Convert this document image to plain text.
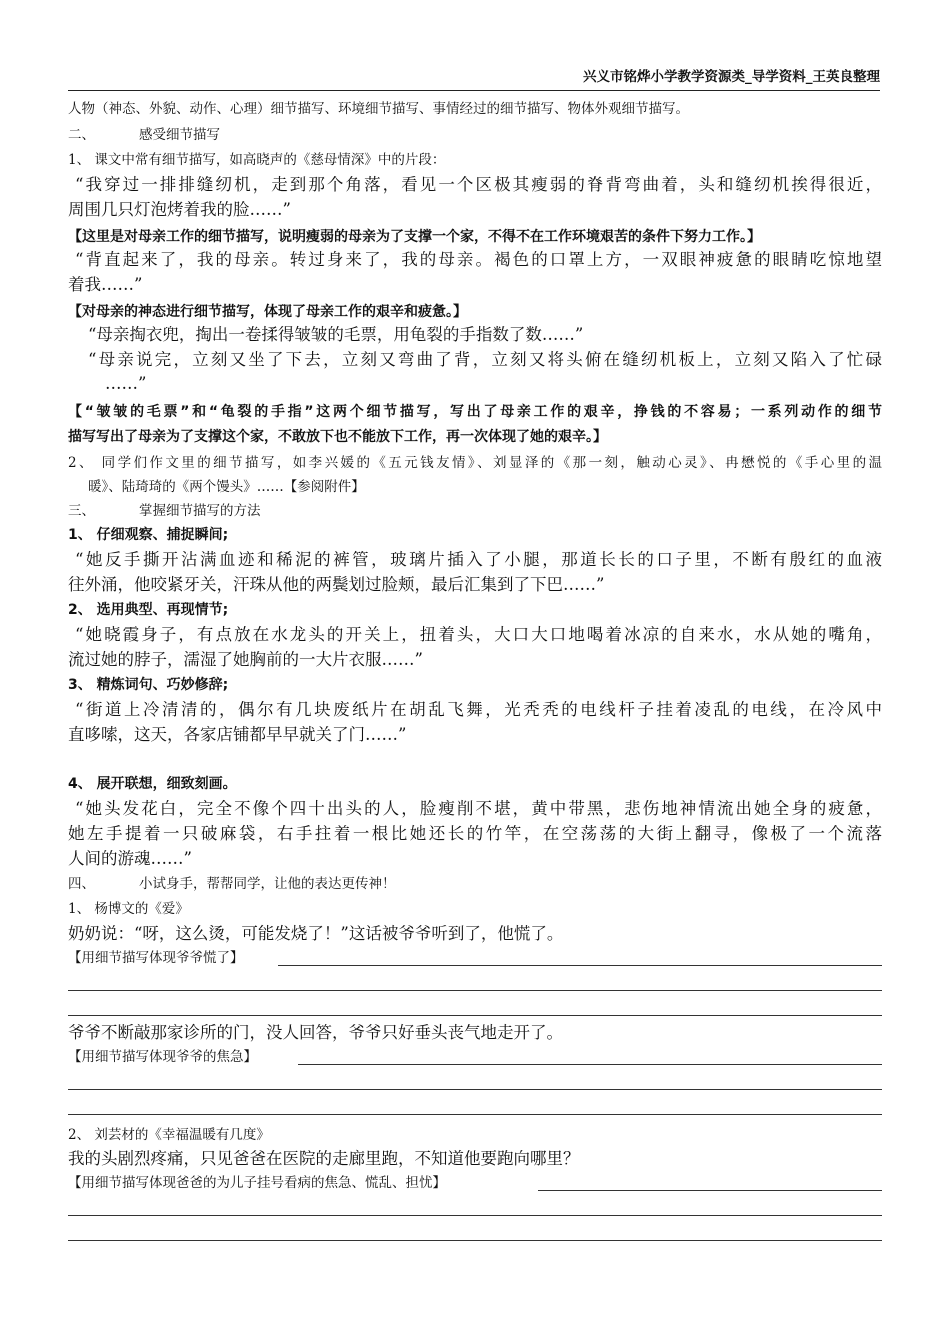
兴义市铭烨小学教学资源类_导学资料_王英良整理
人物（神态、外貌、动作、心理）细节描写、环境细节描写、事情经过的细节描写、物体外观细节描写。
二、	感受细节描写
1、 课文中常有细节描写，如高晓声的《慈母情深》中的片段：
“我穿过一排排缝纫机，走到那个角落，看见一个区极其瘦弱的脊背弯曲着，头和缝纫机挨得很近，
周围几只灯泡烤着我的脸……”
【这里是对母亲工作的细节描写，说明瘦弱的母亲为了支撑一个家，不得不在工作环境艰苦的条件下努力工作。】
“背直起来了，我的母亲。转过身来了，我的母亲。褐色的口罩上方，一双眼神疲惫的眼睛吃惊地望
着我……”
【对母亲的神态进行细节描写，体现了母亲工作的艰辛和疲惫。】
“母亲掏衣兜，掏出一卷揉得皱皱的毛票，用龟裂的手指数了数……”
“母亲说完，立刻又坐了下去，立刻又弯曲了背，立刻又将头俯在缝纫机板上，立刻又陷入了忙碌
……”
【“皱皱的毛票”和“龟裂的手指”这两个细节描写，写出了母亲工作的艰辛，挣钱的不容易；一系列动作的细节
描写写出了母亲为了支撑这个家，不敢放下也不能放下工作，再一次体现了她的艰辛。】
2、 同学们作文里的细节描写，如李兴媛的《五元钱友情》、刘显泽的《那一刻，触动心灵》、冉懋悦的《手心里的温
暖》、陆琦琦的《两个馒头》……【参阅附件】
三、	掌握细节描写的方法
1、 仔细观察、捕捉瞬间;
“她反手撕开沾满血迹和稀泥的裤管，玻璃片插入了小腿，那道长长的口子里，不断有殷红的血液
往外涌，他咬紧牙关，汗珠从他的两鬓划过脸颊，最后汇集到了下巴……”
2、 选用典型、再现情节;
“她晓霞身子，有点放在水龙头的开关上，扭着头，大口大口地喝着冰凉的自来水，水从她的嘴角，
流过她的脖子，濡湿了她胸前的一大片衣服……”
3、 精炼词句、巧妙修辞;
“街道上冷清清的，偶尔有几块废纸片在胡乱飞舞，光秃秃的电线杆子挂着凌乱的电线，在冷风中
直哆嗦，这天，各家店铺都早早就关了门……”
4、 展开联想，细致刻画。
“她头发花白，完全不像个四十出头的人，脸瘦削不堪，黄中带黑，悲伤地神情流出她全身的疲惫，
她左手提着一只破麻袋，右手拄着一根比她还长的竹竿，在空荡荡的大街上翻寻，像极了一个流落
人间的游魂……”
四、	小试身手，帮帮同学，让他的表达更传神！
1、 杨博文的《爱》
奶奶说：“呀，这么烫，可能发烧了！”这话被爷爷听到了，他慌了。
【用细节描写体现爷爷慌了】
爷爷不断敲那家诊所的门，没人回答，爷爷只好垂头丧气地走开了。
【用细节描写体现爷爷的焦急】
2、 刘芸材的《幸福温暖有几度》
我的头剧烈疼痛，只见爸爸在医院的走廊里跑，不知道他要跑向哪里？
【用细节描写体现爸爸的为儿子挂号看病的焦急、慌乱、担忧】
